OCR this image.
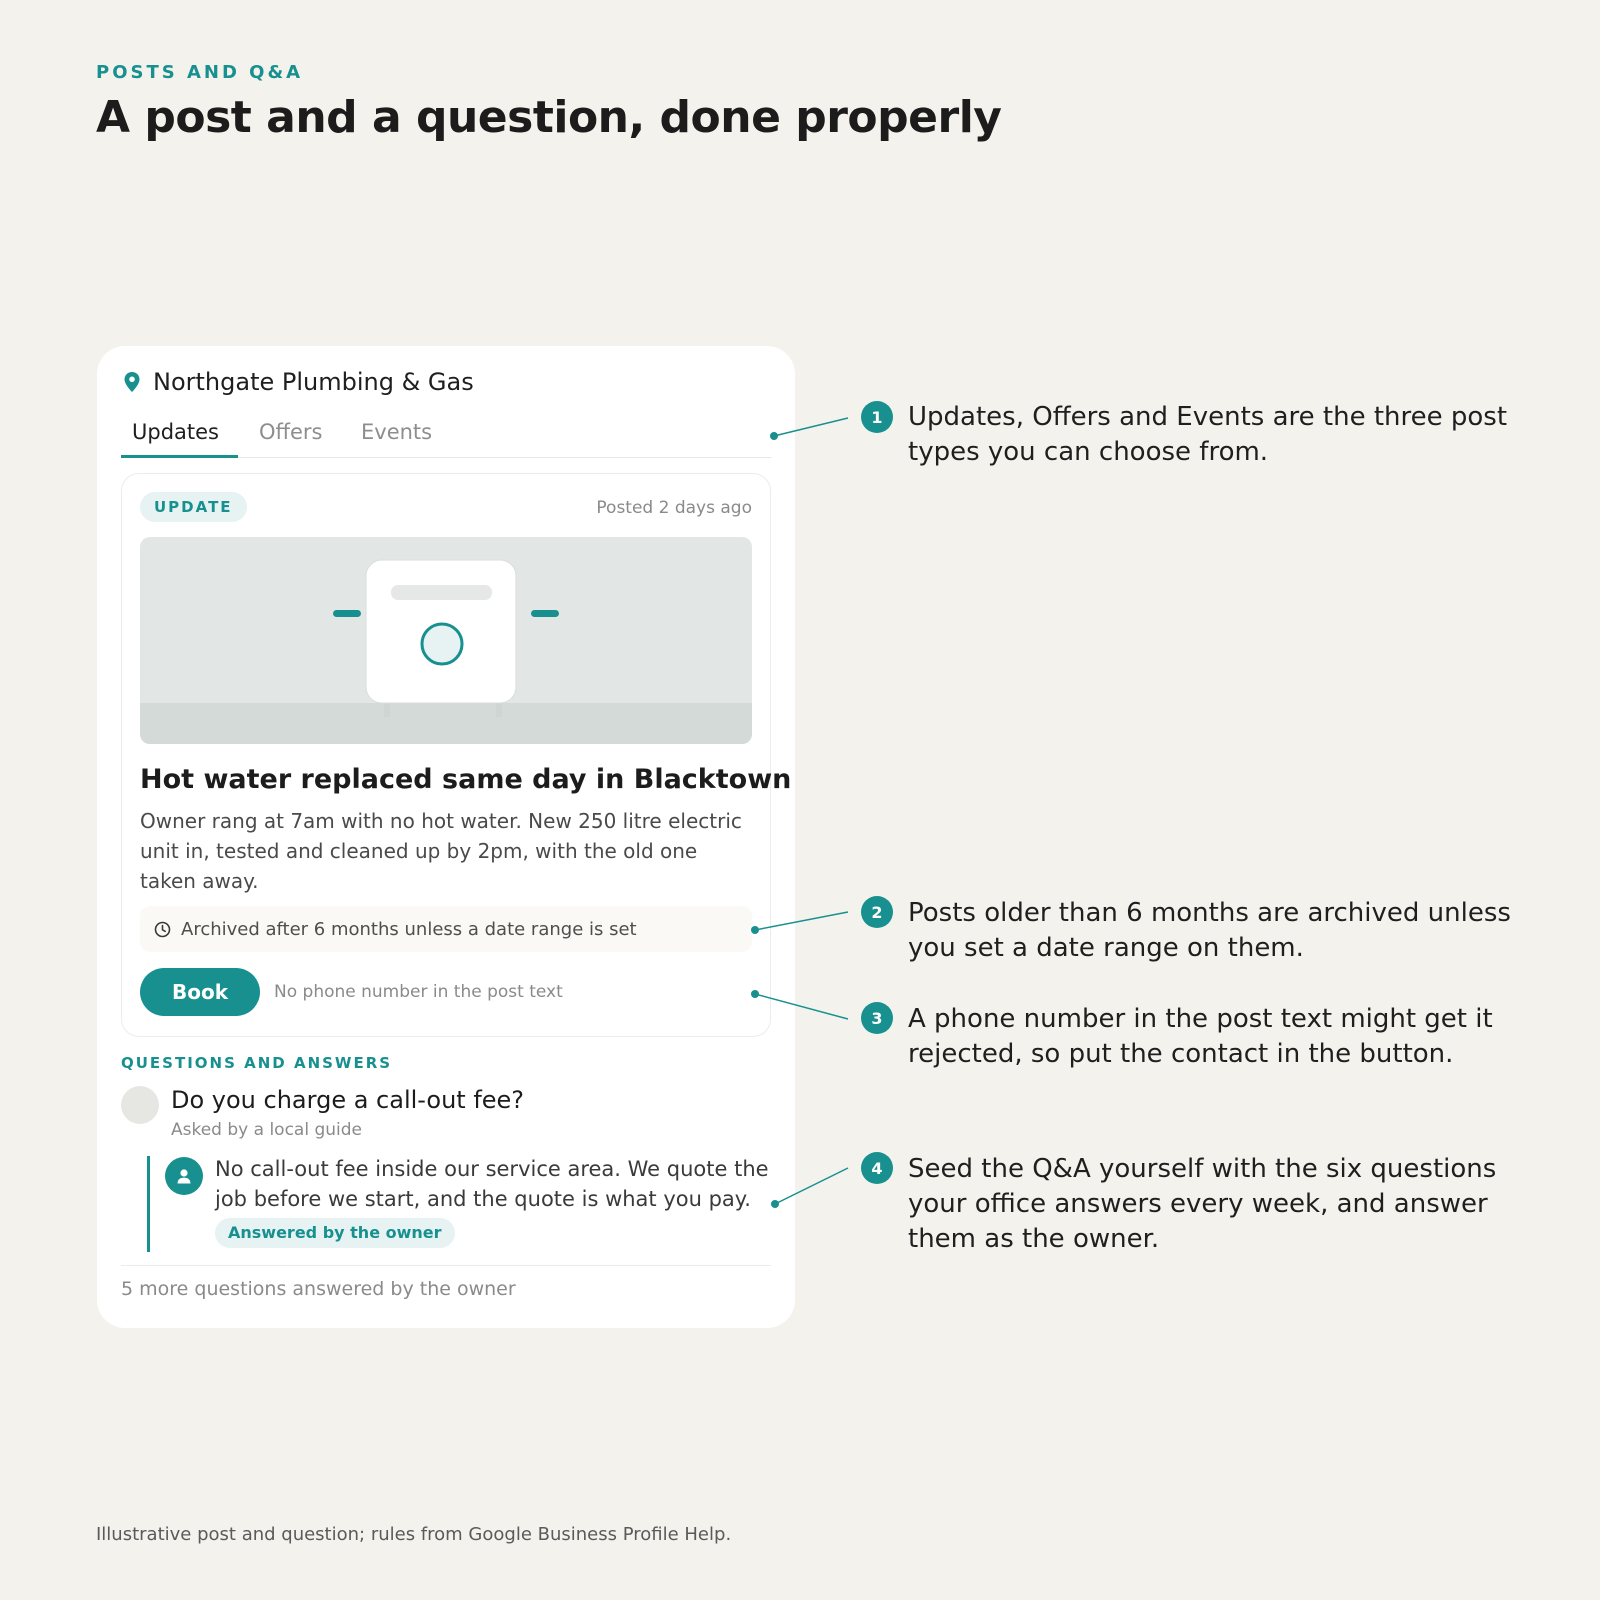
POSTS AND Q&A
A post and a question, done properly
Northgate Plumbing & Gas
Updates Offers Events
UPDATE	Posted 2 days ago
Hot water replaced same day in Blacktown
Owner rang at 7am with no hot water. New 250 litre electric unit in, tested and cleaned up by 2pm, with the old one taken away.
Archived after 6 months unless a date range is set
Book	No phone number in the post text
QUESTIONS AND ANSWERS
Do you charge a call-out fee?
Asked by a local guide
No call-out fee inside our service area. We quote the job before we start, and the quote is what you pay.
Answered by the owner
5 more questions answered by the owner
1 Updates, Offers and Events are the three post types you can choose from.
2 Posts older than 6 months are archived unless you set a date range on them.
3 A phone number in the post text might get it rejected, so put the contact in the button.
4 Seed the Q&A yourself with the six questions your office answers every week, and answer them as the owner.
Illustrative post and question; rules from Google Business Profile Help.
